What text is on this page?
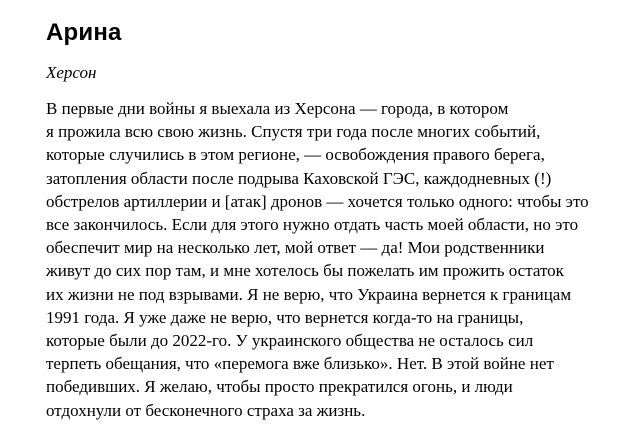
Арина

Херсон

В первые дни войны я выехала из Херсона — города, в котором
я прожила всю свою жизнь. Спустя три года после многих событий,
которые случились в этом регионе, — освобождения правого берега,
затопления области после подрыва Каховской ГЭС, каждодневных (!)
обстрелов артиллерии и [атак] дронов — хочется только одного: чтобы это
все закончилось. Если для этого нужно отдать часть моей области, но это
обеспечит мир на несколько лет, мой ответ — да! Мои родственники
живут до сих пор там, и мне хотелось бы пожелать им прожить остаток
их жизни не под взрывами. Я не верю, что Украина вернется к границам
1991 года. Я уже даже не верю, что вернется когда-то на границы,
которые были до 2022-го. У украинского общества не осталось сил
терпеть обещания, что «перемога вже близько». Нет. В этой войне нет
победивших. Я желаю, чтобы просто прекратился огонь, и люди
отдохнули от бесконечного страха за жизнь.
